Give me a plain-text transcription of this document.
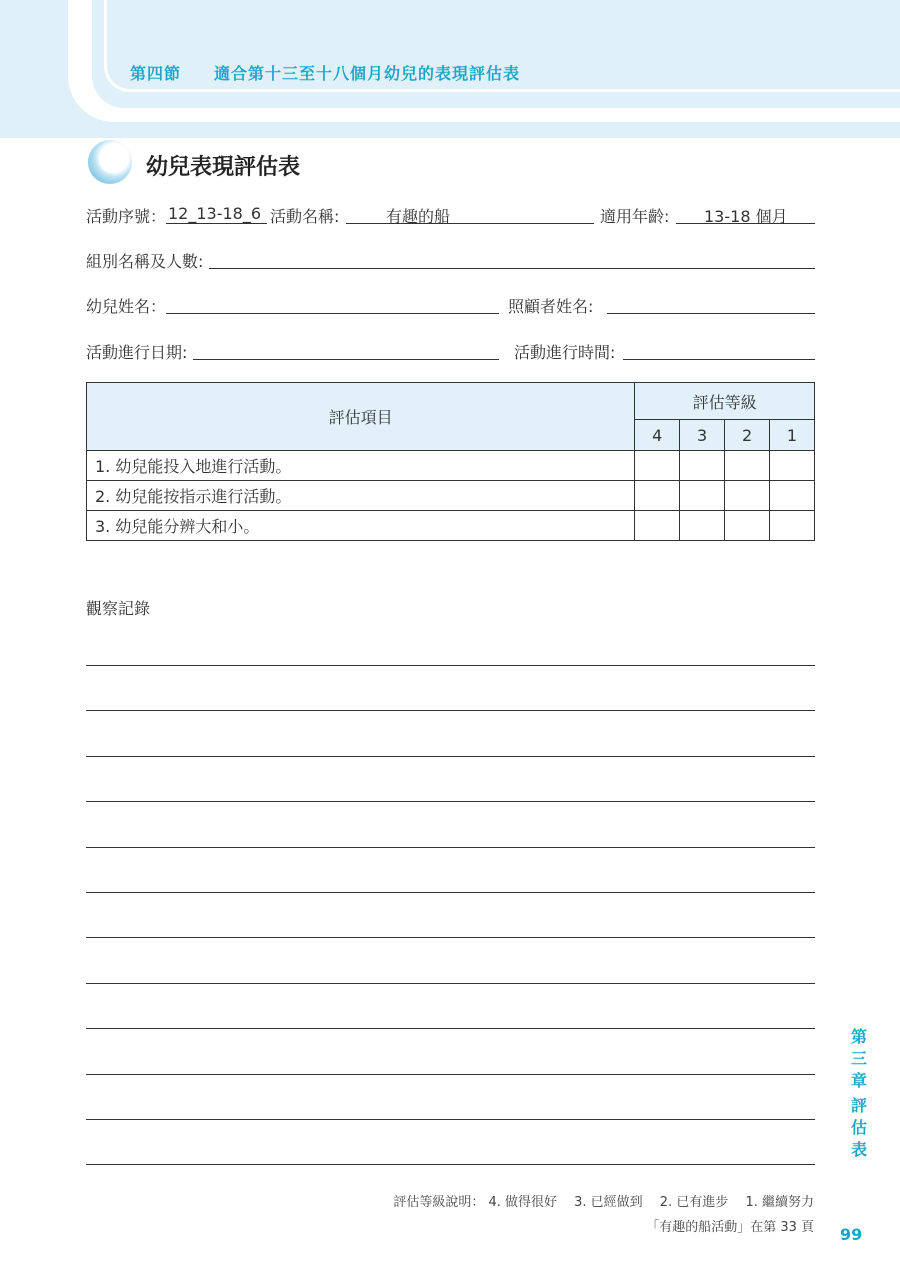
第四節 適合第十三至十八個月幼兒的表現評估表
幼兒表現評估表
活動序號： 12_13-18_6 活動名稱:	有趣的船	適用年齡:	13-18 個月
組別名稱及人數:
幼兒姓名：	照顧者姓名:
活動進行日期:	活動進行時間:
評估項目	評估等級			
	4	3	2	1
1. 幼兒能投入地進行活動。				
2. 幼兒能按指示進行活動。				
3. 幼兒能分辨大和小。				
觀察記錄
第
三
章
評
估
表
評估等級說明： 4. 做得很好　 3. 已經做到　 2. 已有進步　 1. 繼續努力
「有趣的船活動」在第 33 頁 99
